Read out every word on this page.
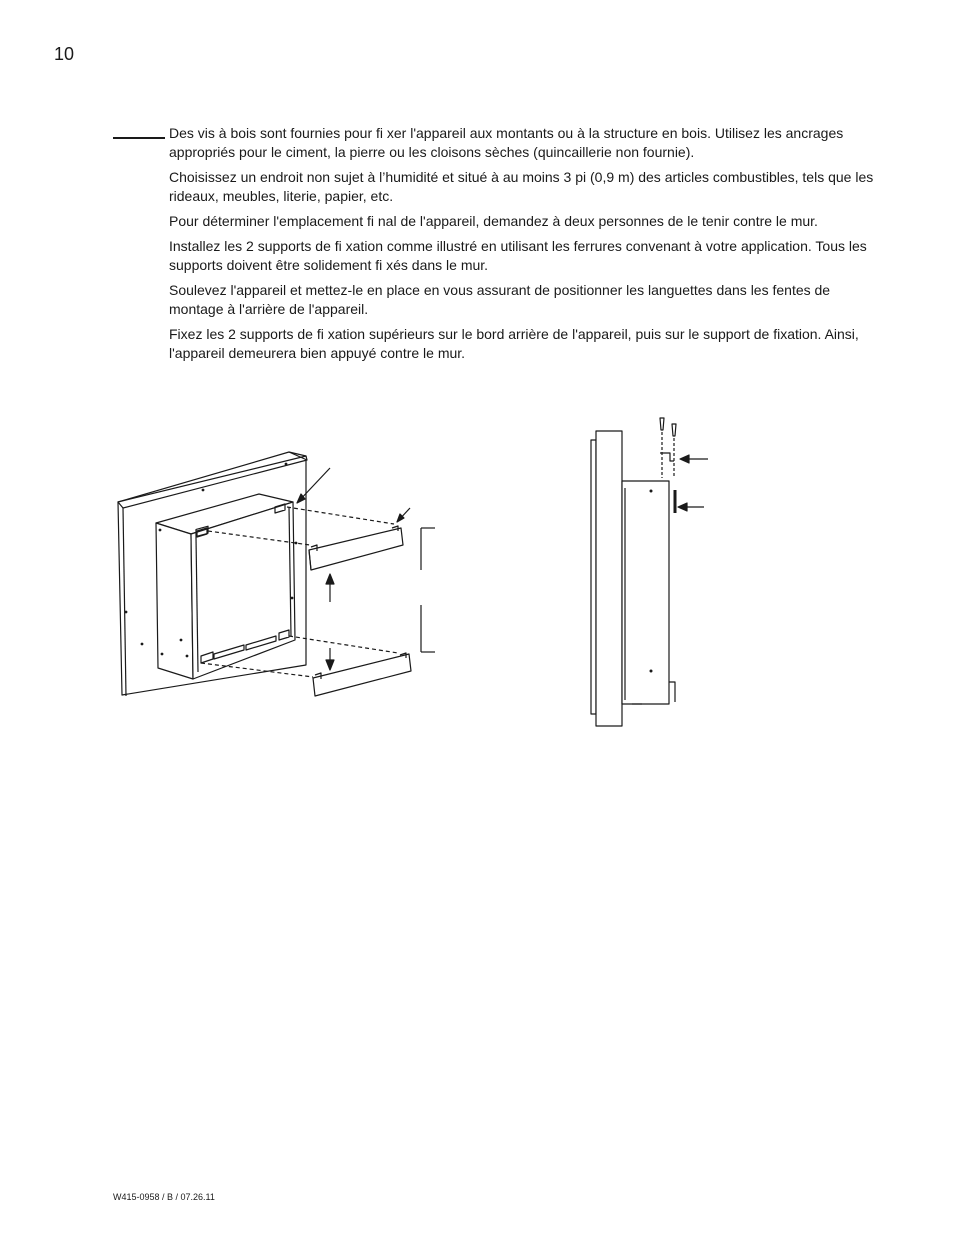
10

Des vis à bois sont fournies pour fi xer l'appareil aux montants ou à la structure en bois. Utilisez les ancrages appropriés pour le ciment, la pierre ou les cloisons sèches (quincaillerie non fournie).

Choisissez un endroit non sujet à l’humidité et situé à au moins 3 pi (0,9 m) des articles combustibles, tels que les rideaux, meubles, literie, papier, etc.

Pour déterminer l'emplacement fi nal de l'appareil, demandez à deux personnes de le tenir contre le mur.

Installez les 2 supports de fi xation comme illustré en utilisant les ferrures convenant à votre application. Tous les supports doivent être solidement fi xés dans le mur.

Soulevez l'appareil et mettez-le en place en vous assurant de positionner les languettes dans les fentes de montage à l'arrière de l'appareil.

Fixez les 2 supports de fi xation supérieurs sur le bord arrière de l'appareil, puis sur le support de fixation. Ainsi, l'appareil demeurera bien appuyé contre le mur.

W415-0958 / B / 07.26.11
